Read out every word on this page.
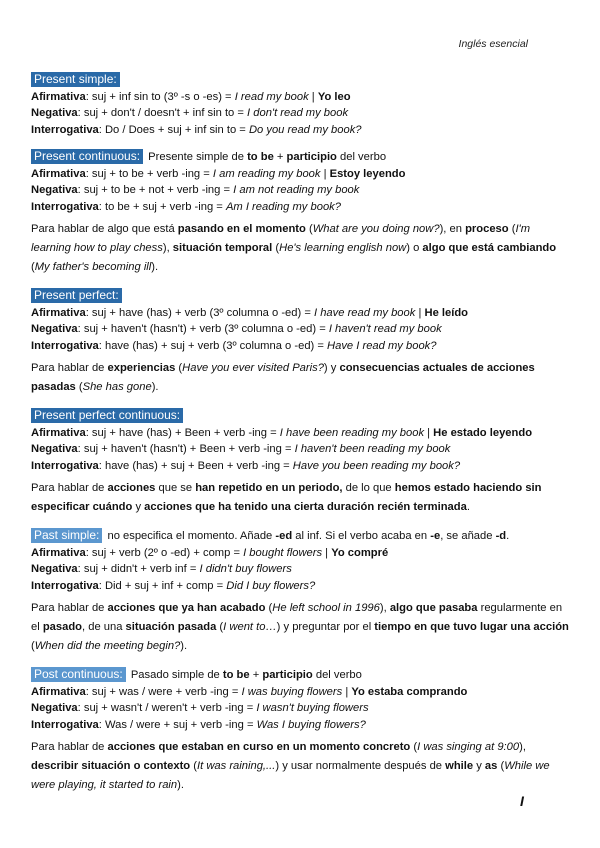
Inglés esencial
Present simple:
Afirmativa: suj + inf sin to (3º -s o -es) = I read my book | Yo leo
Negativa: suj + don't / doesn't + inf sin to = I don't read my book
Interrogativa: Do / Does + suj + inf sin to = Do you read my book?
Present continuous: Presente simple de to be + participio del verbo
Afirmativa: suj + to be + verb -ing = I am reading my book | Estoy leyendo
Negativa: suj + to be + not + verb -ing = I am not reading my book
Interrogativa: to be + suj + verb -ing = Am I reading my book?
Para hablar de algo que está pasando en el momento (What are you doing now?), en proceso (I'm learning how to play chess), situación temporal (He's learning english now) o algo que está cambiando (My father's becoming ill).
Present perfect:
Afirmativa: suj + have (has) + verb (3º columna o -ed) = I have read my book | He leído
Negativa: suj + haven't (hasn't) + verb (3º columna o -ed) = I haven't read my book
Interrogativa: have (has) + suj + verb (3º columna o -ed) = Have I read my book?
Para hablar de experiencias (Have you ever visited Paris?) y consecuencias actuales de acciones pasadas (She has gone).
Present perfect continuous:
Afirmativa: suj + have (has) + Been + verb -ing = I have been reading my book | He estado leyendo
Negativa: suj + haven't (hasn't) + Been + verb -ing = I haven't been reading my book
Interrogativa: have (has) + suj + Been + verb -ing = Have you been reading my book?
Para hablar de acciones que se han repetido en un periodo, de lo que hemos estado haciendo sin especificar cuándo y acciones que ha tenido una cierta duración recién terminada.
Past simple: no especifica el momento. Añade -ed al inf. Si el verbo acaba en -e, se añade -d.
Afirmativa: suj + verb (2º o -ed) + comp = I bought flowers | Yo compré
Negativa: suj + didn't + verb inf = I didn't buy flowers
Interrogativa: Did + suj + inf + comp = Did I buy flowers?
Para hablar de acciones que ya han acabado (He left school in 1996), algo que pasaba regularmente en el pasado, de una situación pasada (I went to…) y preguntar por el tiempo en que tuvo lugar una acción (When did the meeting begin?).
Post continuous: Pasado simple de to be + participio del verbo
Afirmativa: suj + was / were + verb -ing = I was buying flowers | Yo estaba comprando
Negativa: suj + wasn't / weren't + verb -ing = I wasn't buying flowers
Interrogativa: Was / were + suj + verb -ing = Was I buying flowers?
Para hablar de acciones que estaban en curso en un momento concreto (I was singing at 9:00), describir situación o contexto (It was raining,...) y usar normalmente después de while y as (While we were playing, it started to rain).
I
